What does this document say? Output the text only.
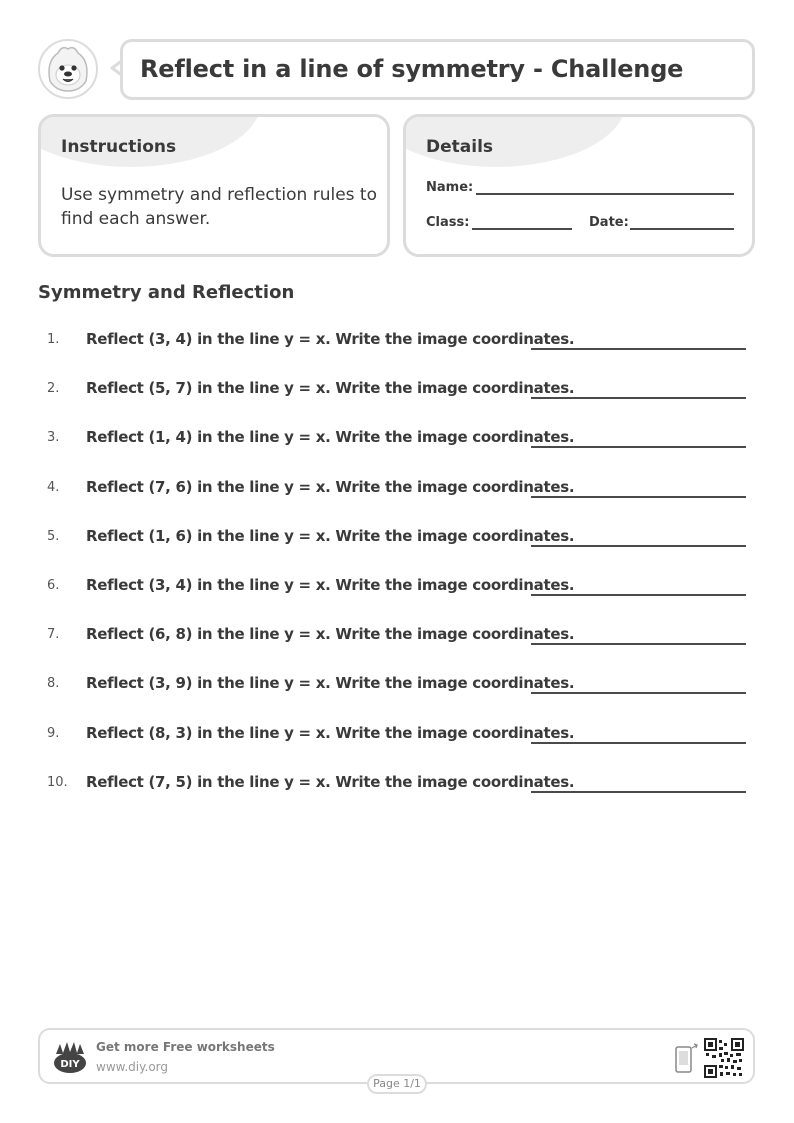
Reflect in a line of symmetry - Challenge
Instructions
Use symmetry and reflection rules to find each answer.
Details
Name:
Class:	Date:
Symmetry and Reflection
1. Reflect (3, 4) in the line y = x. Write the image coordinates.
2. Reflect (5, 7) in the line y = x. Write the image coordinates.
3. Reflect (1, 4) in the line y = x. Write the image coordinates.
4. Reflect (7, 6) in the line y = x. Write the image coordinates.
5. Reflect (1, 6) in the line y = x. Write the image coordinates.
6. Reflect (3, 4) in the line y = x. Write the image coordinates.
7. Reflect (6, 8) in the line y = x. Write the image coordinates.
8. Reflect (3, 9) in the line y = x. Write the image coordinates.
9. Reflect (8, 3) in the line y = x. Write the image coordinates.
10. Reflect (7, 5) in the line y = x. Write the image coordinates.
DIY
Get more Free worksheets
www.diy.org
Page 1/1
